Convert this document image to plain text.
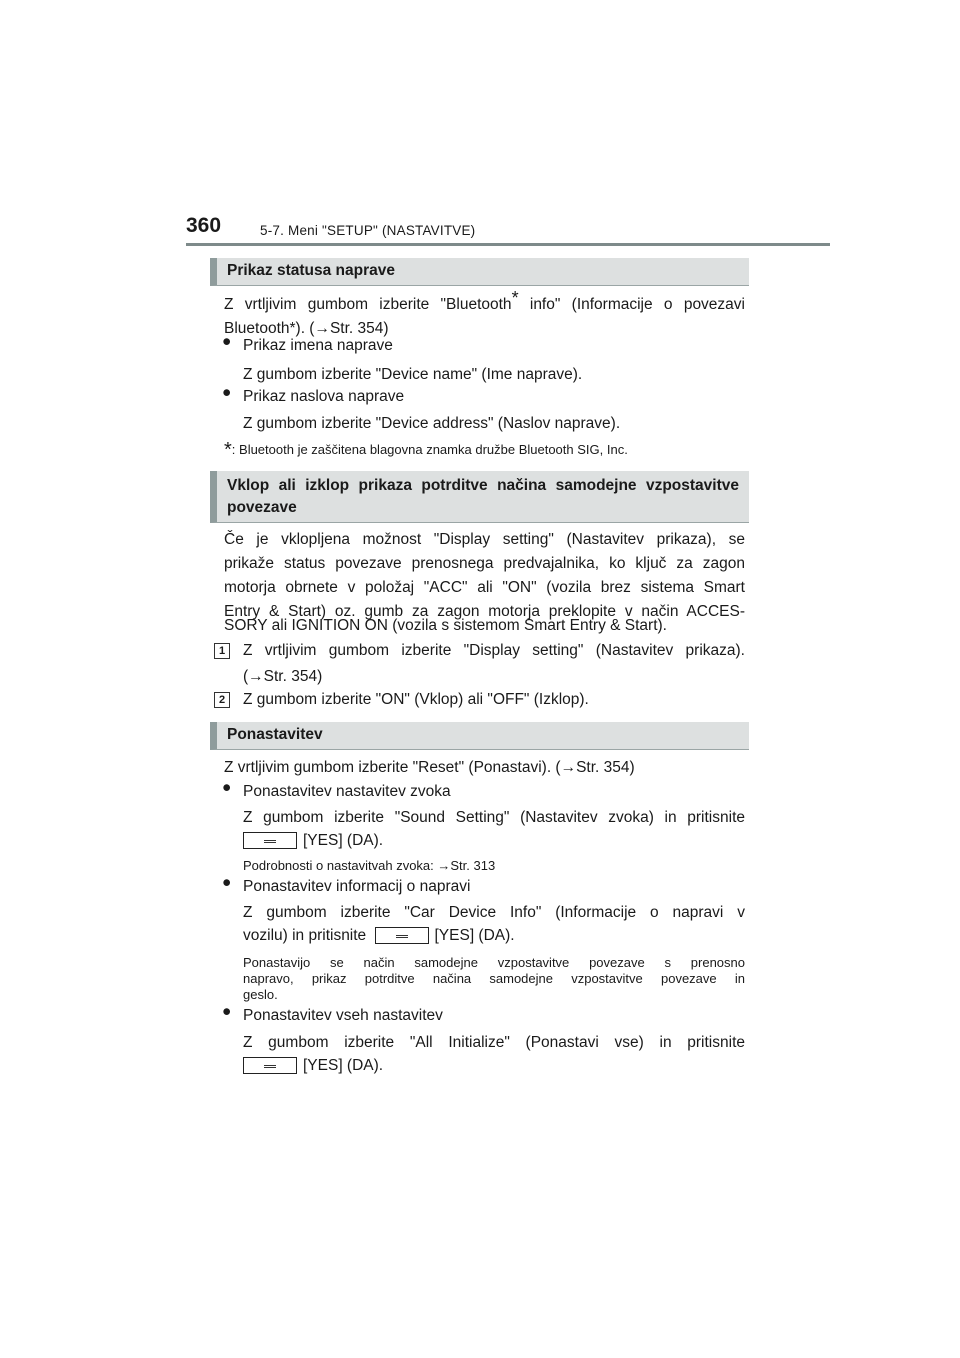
360	5-7. Meni "SETUP" (NASTAVITVE)
Prikaz statusa naprave
Z vrtljivim gumbom izberite "Bluetooth* info" (Informacije o povezavi
Bluetooth*). (→Str. 354)
● Prikaz imena naprave
Z gumbom izberite "Device name" (Ime naprave).
● Prikaz naslova naprave
Z gumbom izberite "Device address" (Naslov naprave).
*: Bluetooth je zaščitena blagovna znamka družbe Bluetooth SIG, Inc.
Vklop ali izklop prikaza potrditve načina samodejne vzpostavitve
povezave
Če je vklopljena možnost "Display setting" (Nastavitev prikaza), se
prikaže status povezave prenosnega predvajalnika, ko ključ za zagon
motorja obrnete v položaj "ACC" ali "ON" (vozila brez sistema Smart
Entry & Start) oz. gumb za zagon motorja preklopite v način ACCES-
SORY ali IGNITION ON (vozila s sistemom Smart Entry & Start).
1	Z vrtljivim gumbom izberite "Display setting" (Nastavitev prikaza).
(→Str. 354)
2	Z gumbom izberite "ON" (Vklop) ali "OFF" (Izklop).
Ponastavitev
Z vrtljivim gumbom izberite "Reset" (Ponastavi). (→Str. 354)
● Ponastavitev nastavitev zvoka
Z gumbom izberite "Sound Setting" (Nastavitev zvoka) in pritisnite
[YES] (DA).
Podrobnosti o nastavitvah zvoka: →Str. 313
● Ponastavitev informacij o napravi
Z gumbom izberite "Car Device Info" (Informacije o napravi v
vozilu) in pritisnite	[YES] (DA).
Ponastavijo se način samodejne vzpostavitve povezave s prenosno
napravo, prikaz potrditve načina samodejne vzpostavitve povezave in
geslo.
● Ponastavitev vseh nastavitev
Z gumbom izberite "All Initialize" (Ponastavi vse) in pritisnite
[YES] (DA).
